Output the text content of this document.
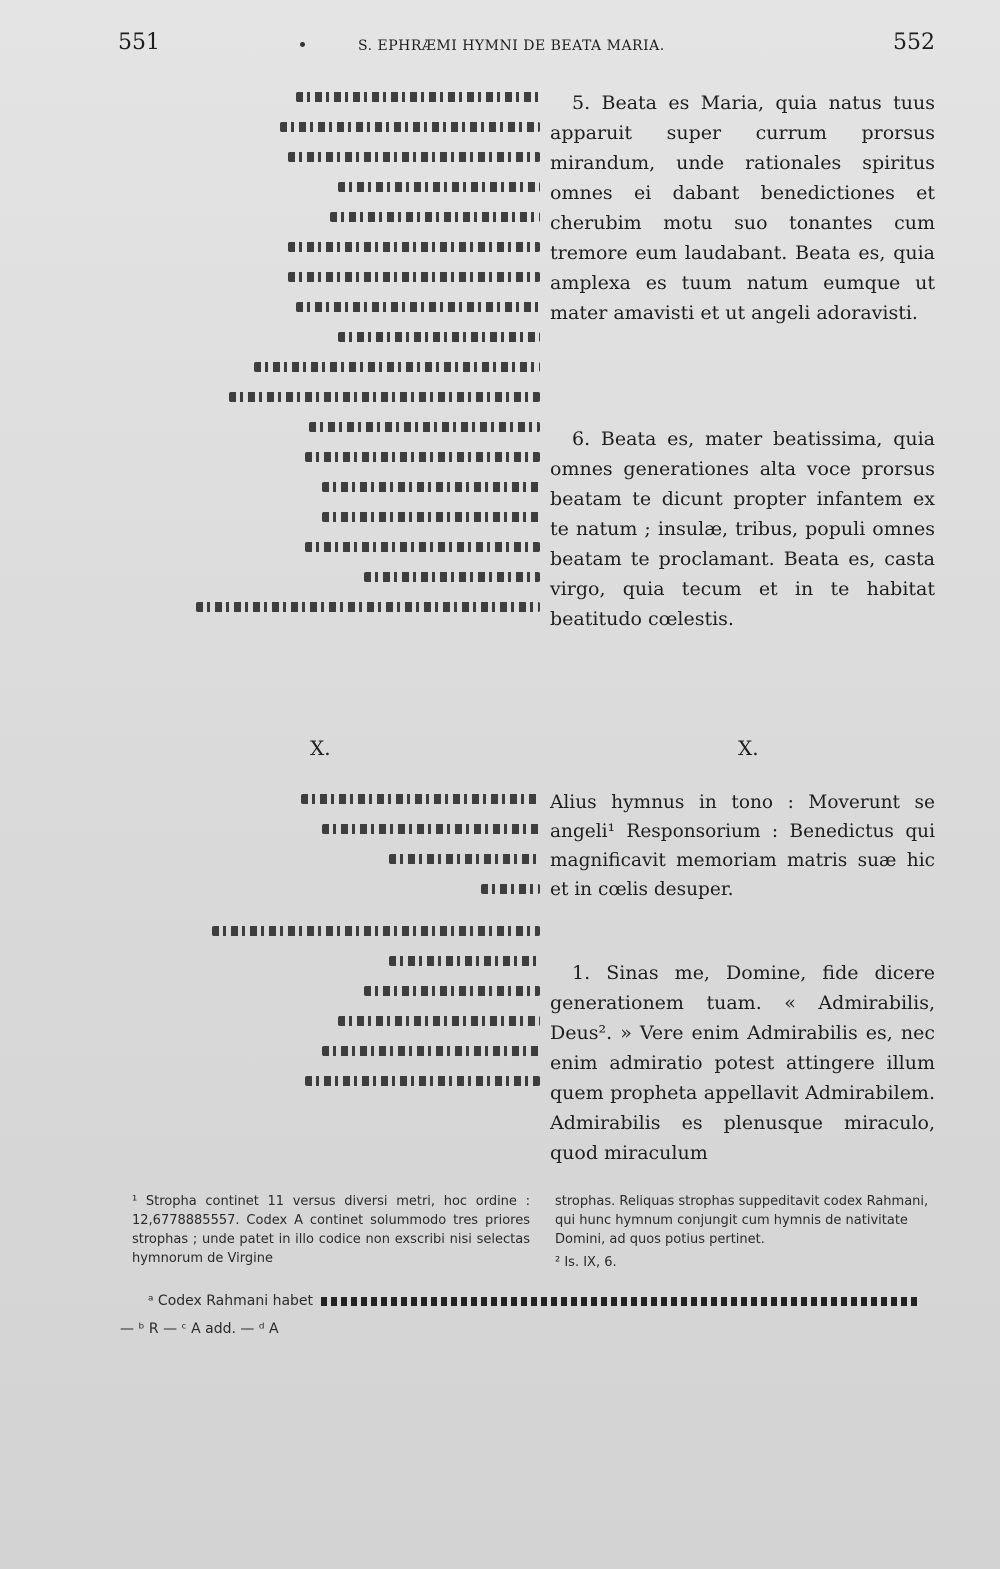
551	S. EPHRÆMI HYMNI DE BEATA MARIA.	552
X.	X.

5. Beata es Maria, quia natus tuus apparuit super currum prorsus mirandum, unde rationales spiritus omnes ei dabant benedictiones et cherubim motu suo tonantes cum tremore eum laudabant. Beata es, quia amplexa es tuum natum eumque ut mater amavisti et ut angeli adoravisti.

6. Beata es, mater beatissima, quia omnes generationes alta voce prorsus beatam te dicunt propter infantem ex te natum ; insulæ, tribus, populi omnes beatam te proclamant. Beata es, casta virgo, quia tecum et in te habitat beatitudo cœlestis.

Alius hymnus in tono : Moverunt se angeli¹ Responsorium : Benedictus qui magnificavit memoriam matris suæ hic et in cœlis desuper.

1. Sinas me, Domine, fide dicere generationem tuam. « Admirabilis, Deus². » Vere enim Admirabilis es, nec enim admiratio potest attingere illum quem propheta appellavit Admirabilem. Admirabilis es plenusque miraculo, quod miraculum

¹ Strophа continet 11 versus diversi metri, hoc ordine : 12,6778885557. Codex A continet solummodo tres priores strophas ; unde patet in illo codice non exscribi nisi selectas hymnorum de Virgine
strophas. Reliquas strophas suppeditavit codex Rahmani, qui hunc hymnum conjungit cum hymnis de nativitate Domini, ad quos potius pertinet.
² Is. IX, 6.
ᵃ Codex Rahmani habet
— ᵇ R — ᶜ A add. — ᵈ A
